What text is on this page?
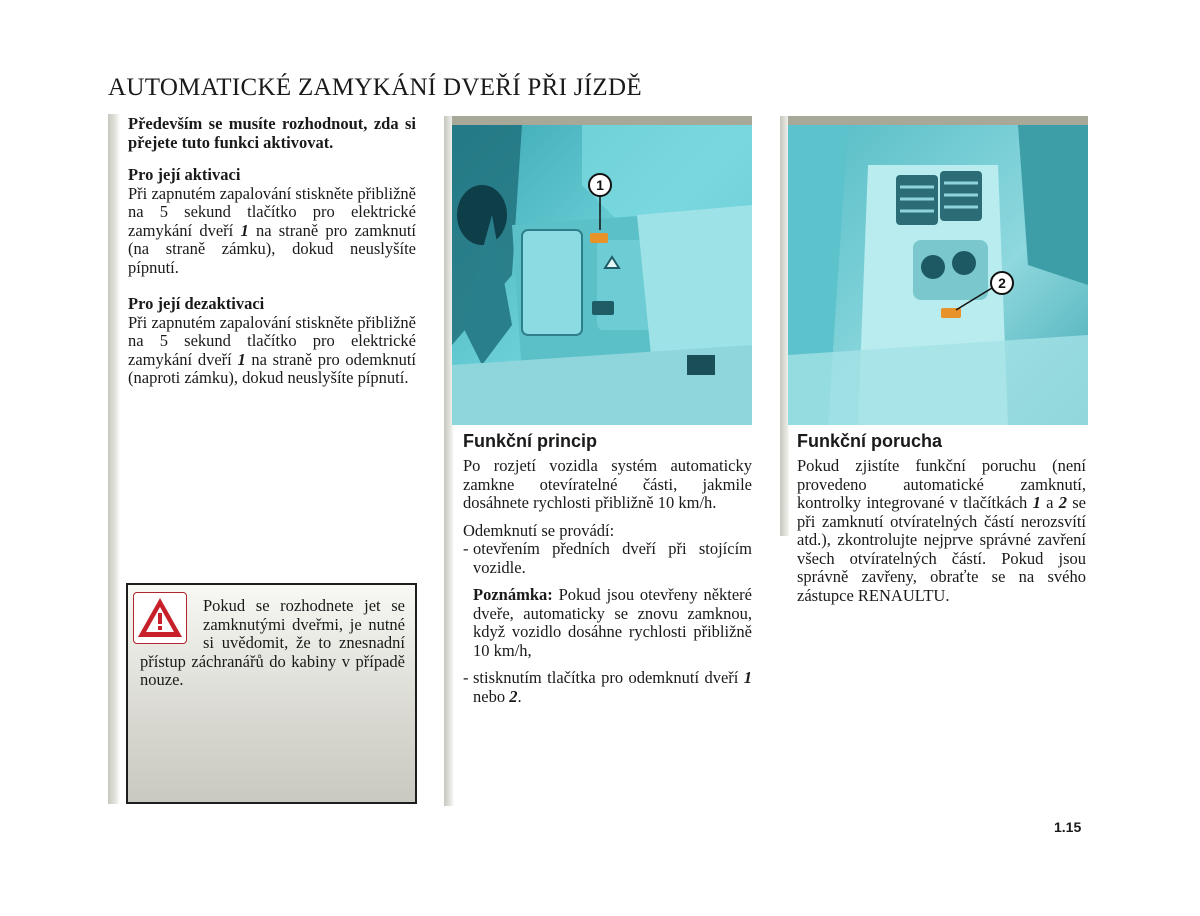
AUTOMATICKÉ ZAMYKÁNÍ DVEŘÍ PŘI JÍZDĚ

Především se musíte rozhodnout, zda si přejete tuto funkci aktivovat.

Pro její aktivaci

Při zapnutém zapalování stiskněte přibližně na 5 sekund tlačítko pro elektrické zamykání dveří 1 na straně pro zamknutí (na straně zámku), dokud neuslyšíte pípnutí.

Pro její dezaktivaci

Při zapnutém zapalování stiskněte přibližně na 5 sekund tlačítko pro elektrické zamykání dveří 1 na straně pro odemknutí (naproti zámku), dokud neuslyšíte pípnutí.

Pokud se rozhodnete jet se zamknutými dveřmi, je nutné si uvědomit, že to znesnadní přístup záchranářů do kabiny v případě nouze.
1
2
Funkční princip

Po rozjetí vozidla systém automaticky zamkne otevíratelné části, jakmile dosáhnete rychlosti přibližně 10 km/h.

Odemknutí se provádí:

- otevřením předních dveří při stojícím vozidle.

Poznámka: Pokud jsou otevřeny některé dveře, automaticky se znovu zamknou, když vozidlo dosáhne rychlosti přibližně 10 km/h,

- stisknutím tlačítka pro odemknutí dveří 1 nebo 2.

Funkční porucha

Pokud zjistíte funkční poruchu (není provedeno automatické zamknutí, kontrolky integrované v tlačítkách 1 a 2 se při zamknutí otvíratelných částí nerozsvítí atd.), zkontrolujte nejprve správné zavření všech otvíratelných částí. Pokud jsou správně zavřeny, obraťte se na svého zástupce RENAULTU.

1.15
